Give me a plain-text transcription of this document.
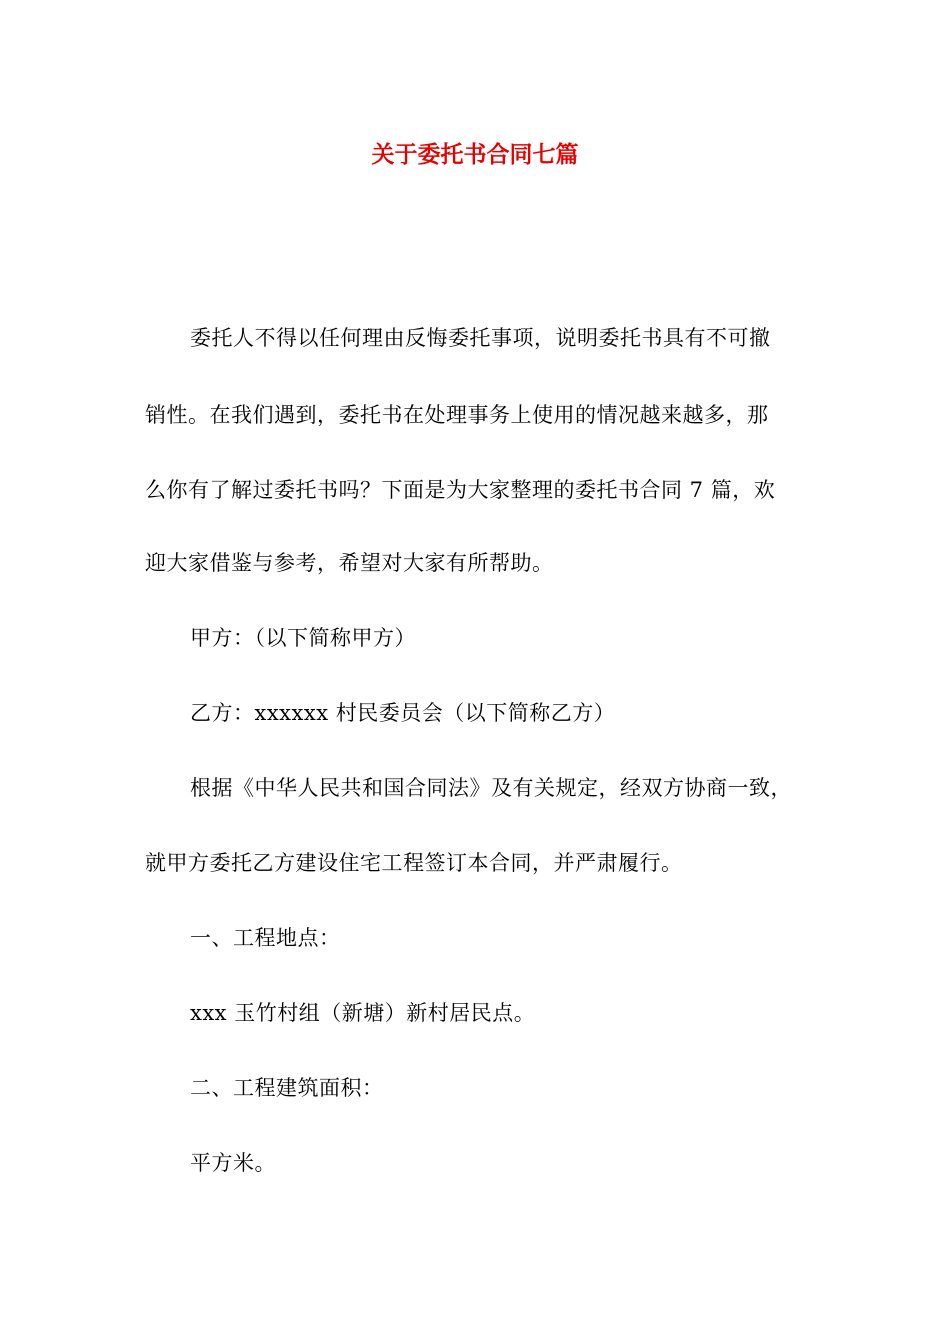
关于委托书合同七篇
委托人不得以任何理由反悔委托事项，说明委托书具有不可撤
销性。在我们遇到，委托书在处理事务上使用的情况越来越多，那
么你有了解过委托书吗？下面是为大家整理的委托书合同 7 篇，欢
迎大家借鉴与参考，希望对大家有所帮助。
甲方：（以下简称甲方）
乙方：xxxxxx 村民委员会（以下简称乙方）
根据《中华人民共和国合同法》及有关规定，经双方协商一致，
就甲方委托乙方建设住宅工程签订本合同，并严肃履行。
一、工程地点：
xxx 玉竹村组（新塘）新村居民点。
二、工程建筑面积：
平方米。
